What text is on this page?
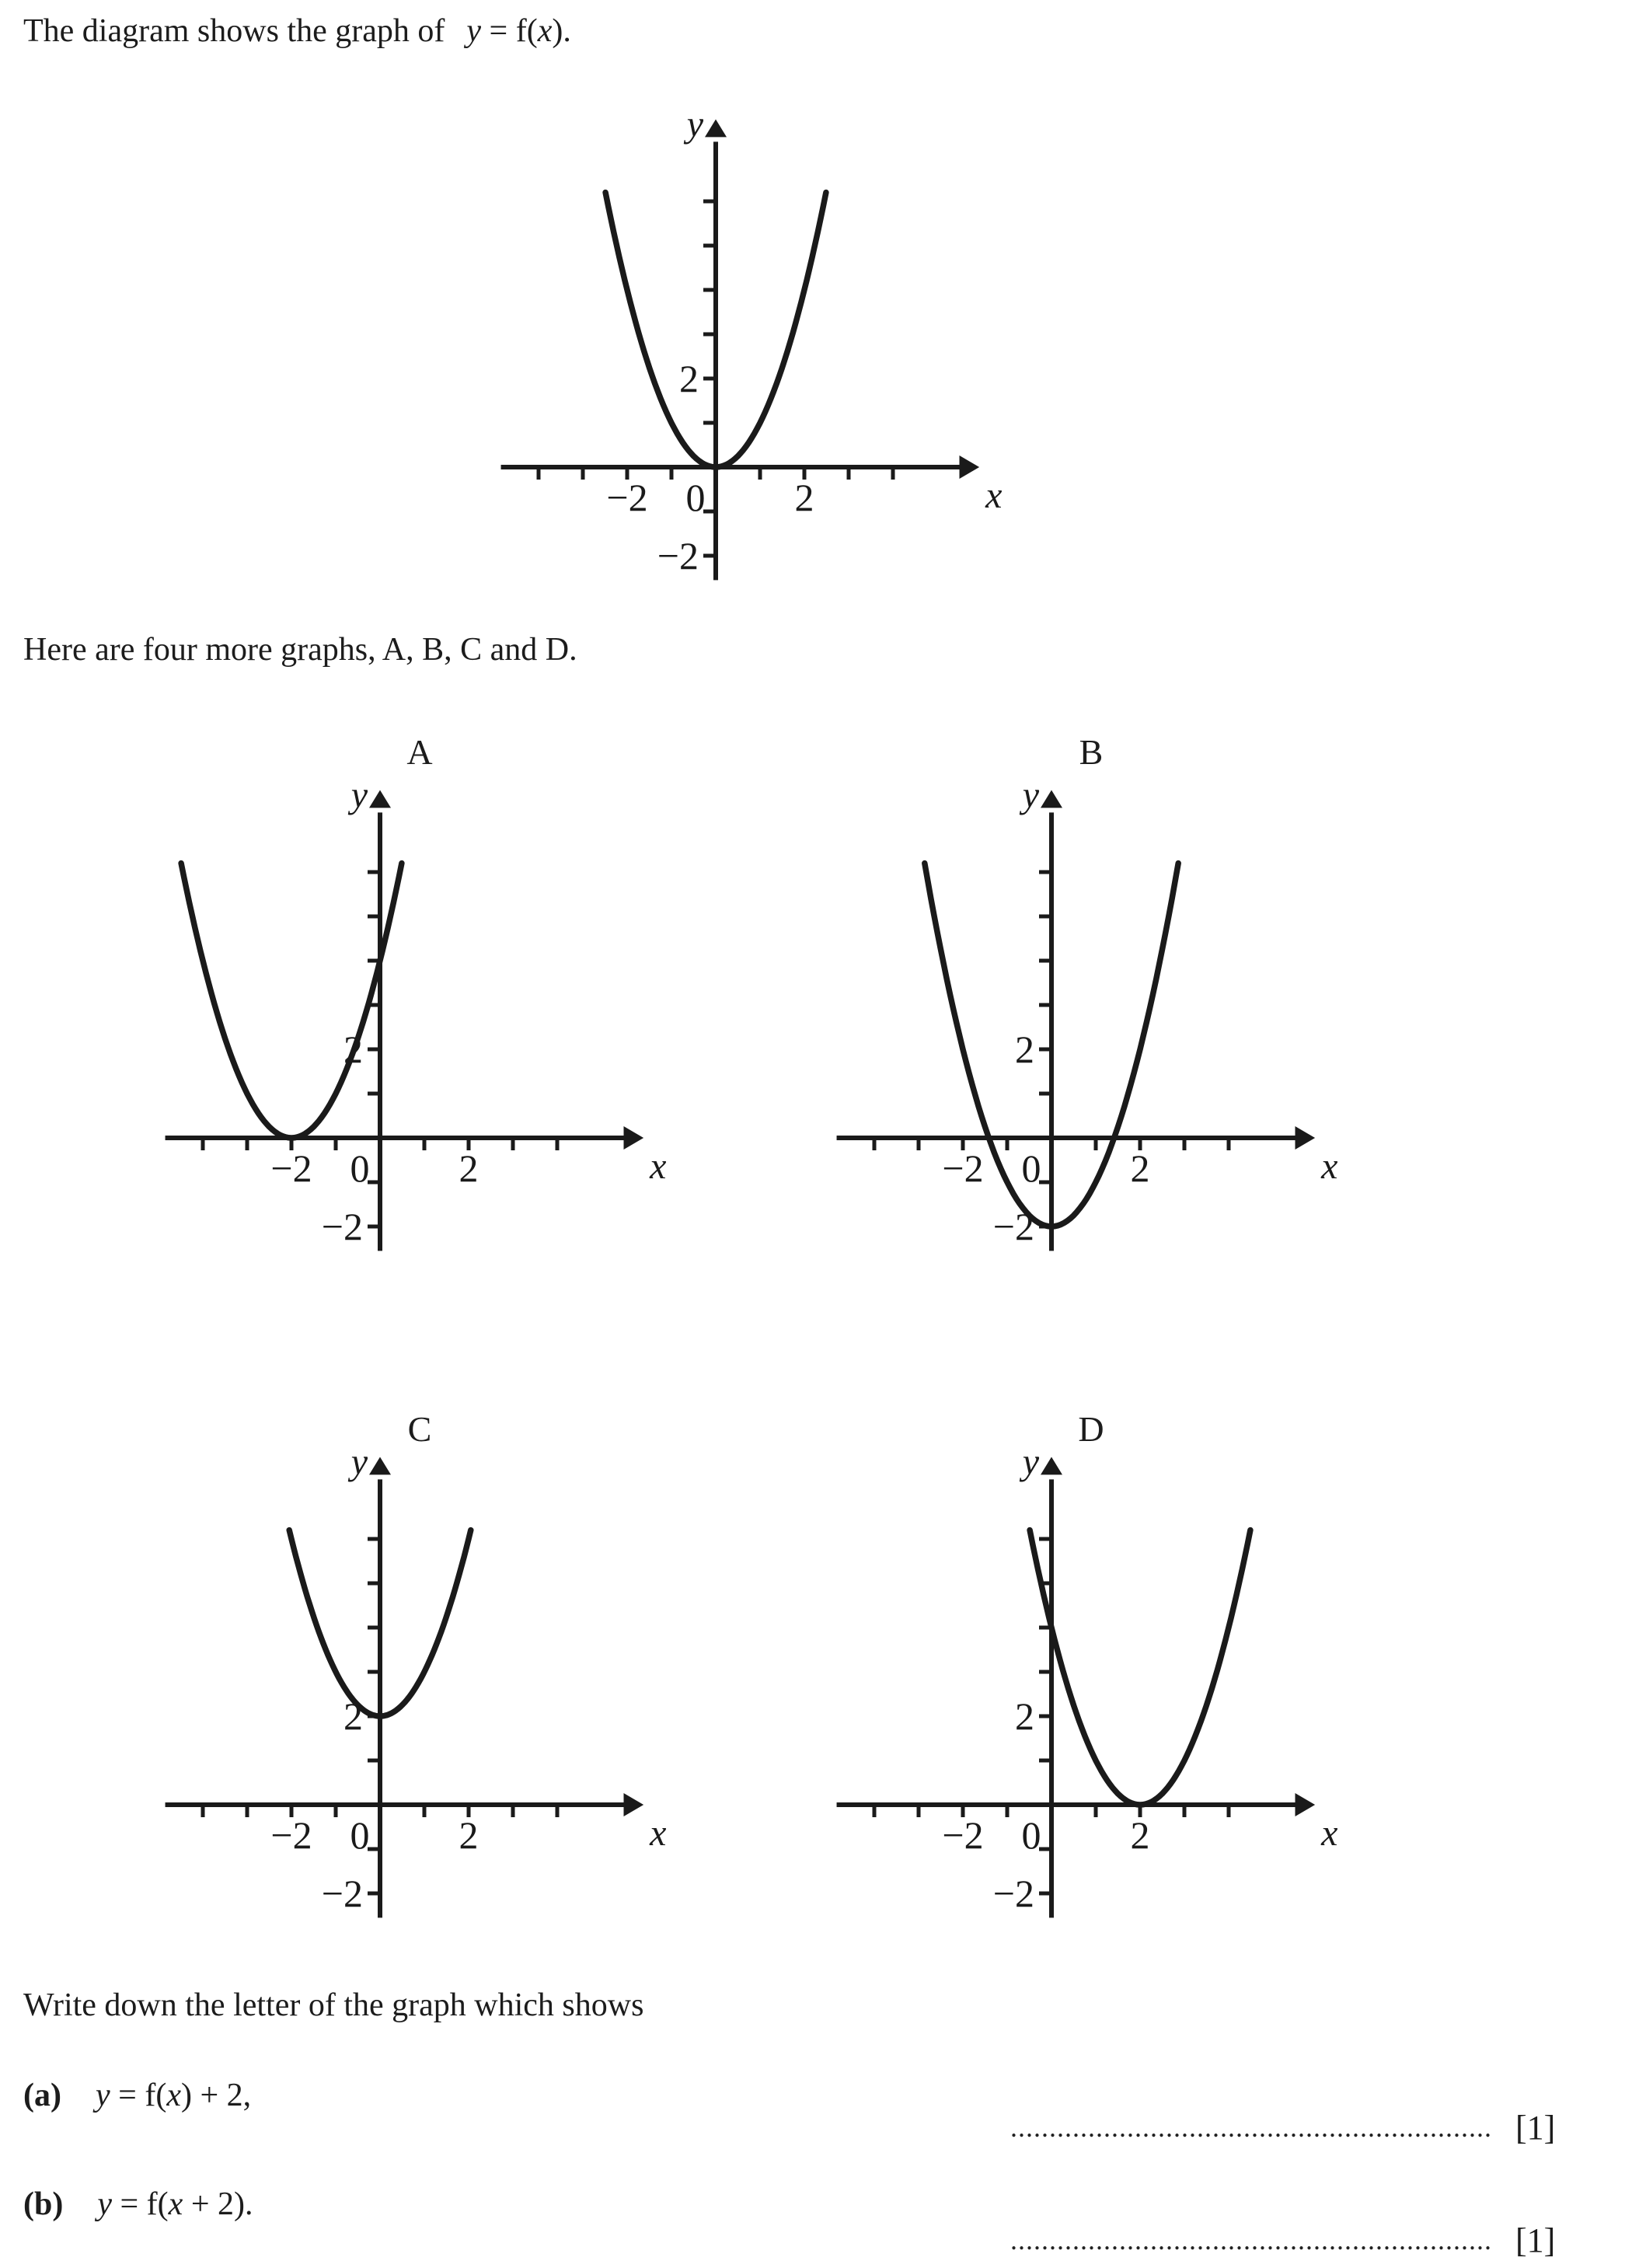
The diagram shows the graph of y = f(x).
−2 0 2
2
−2
x
y
Here are four more graphs, A, B, C and D.
A	B
C	D
−2 0 2
2
−2
x
y
−2 0 2
2
−2
x
y
−2 0 2
2
−2
x
y
−2 0 2
2
−2
x
y
Write down the letter of the graph which shows
(a) y = f(x) + 2,
.............................................................. [1]
(b) y = f(x + 2).
.............................................................. [1]
